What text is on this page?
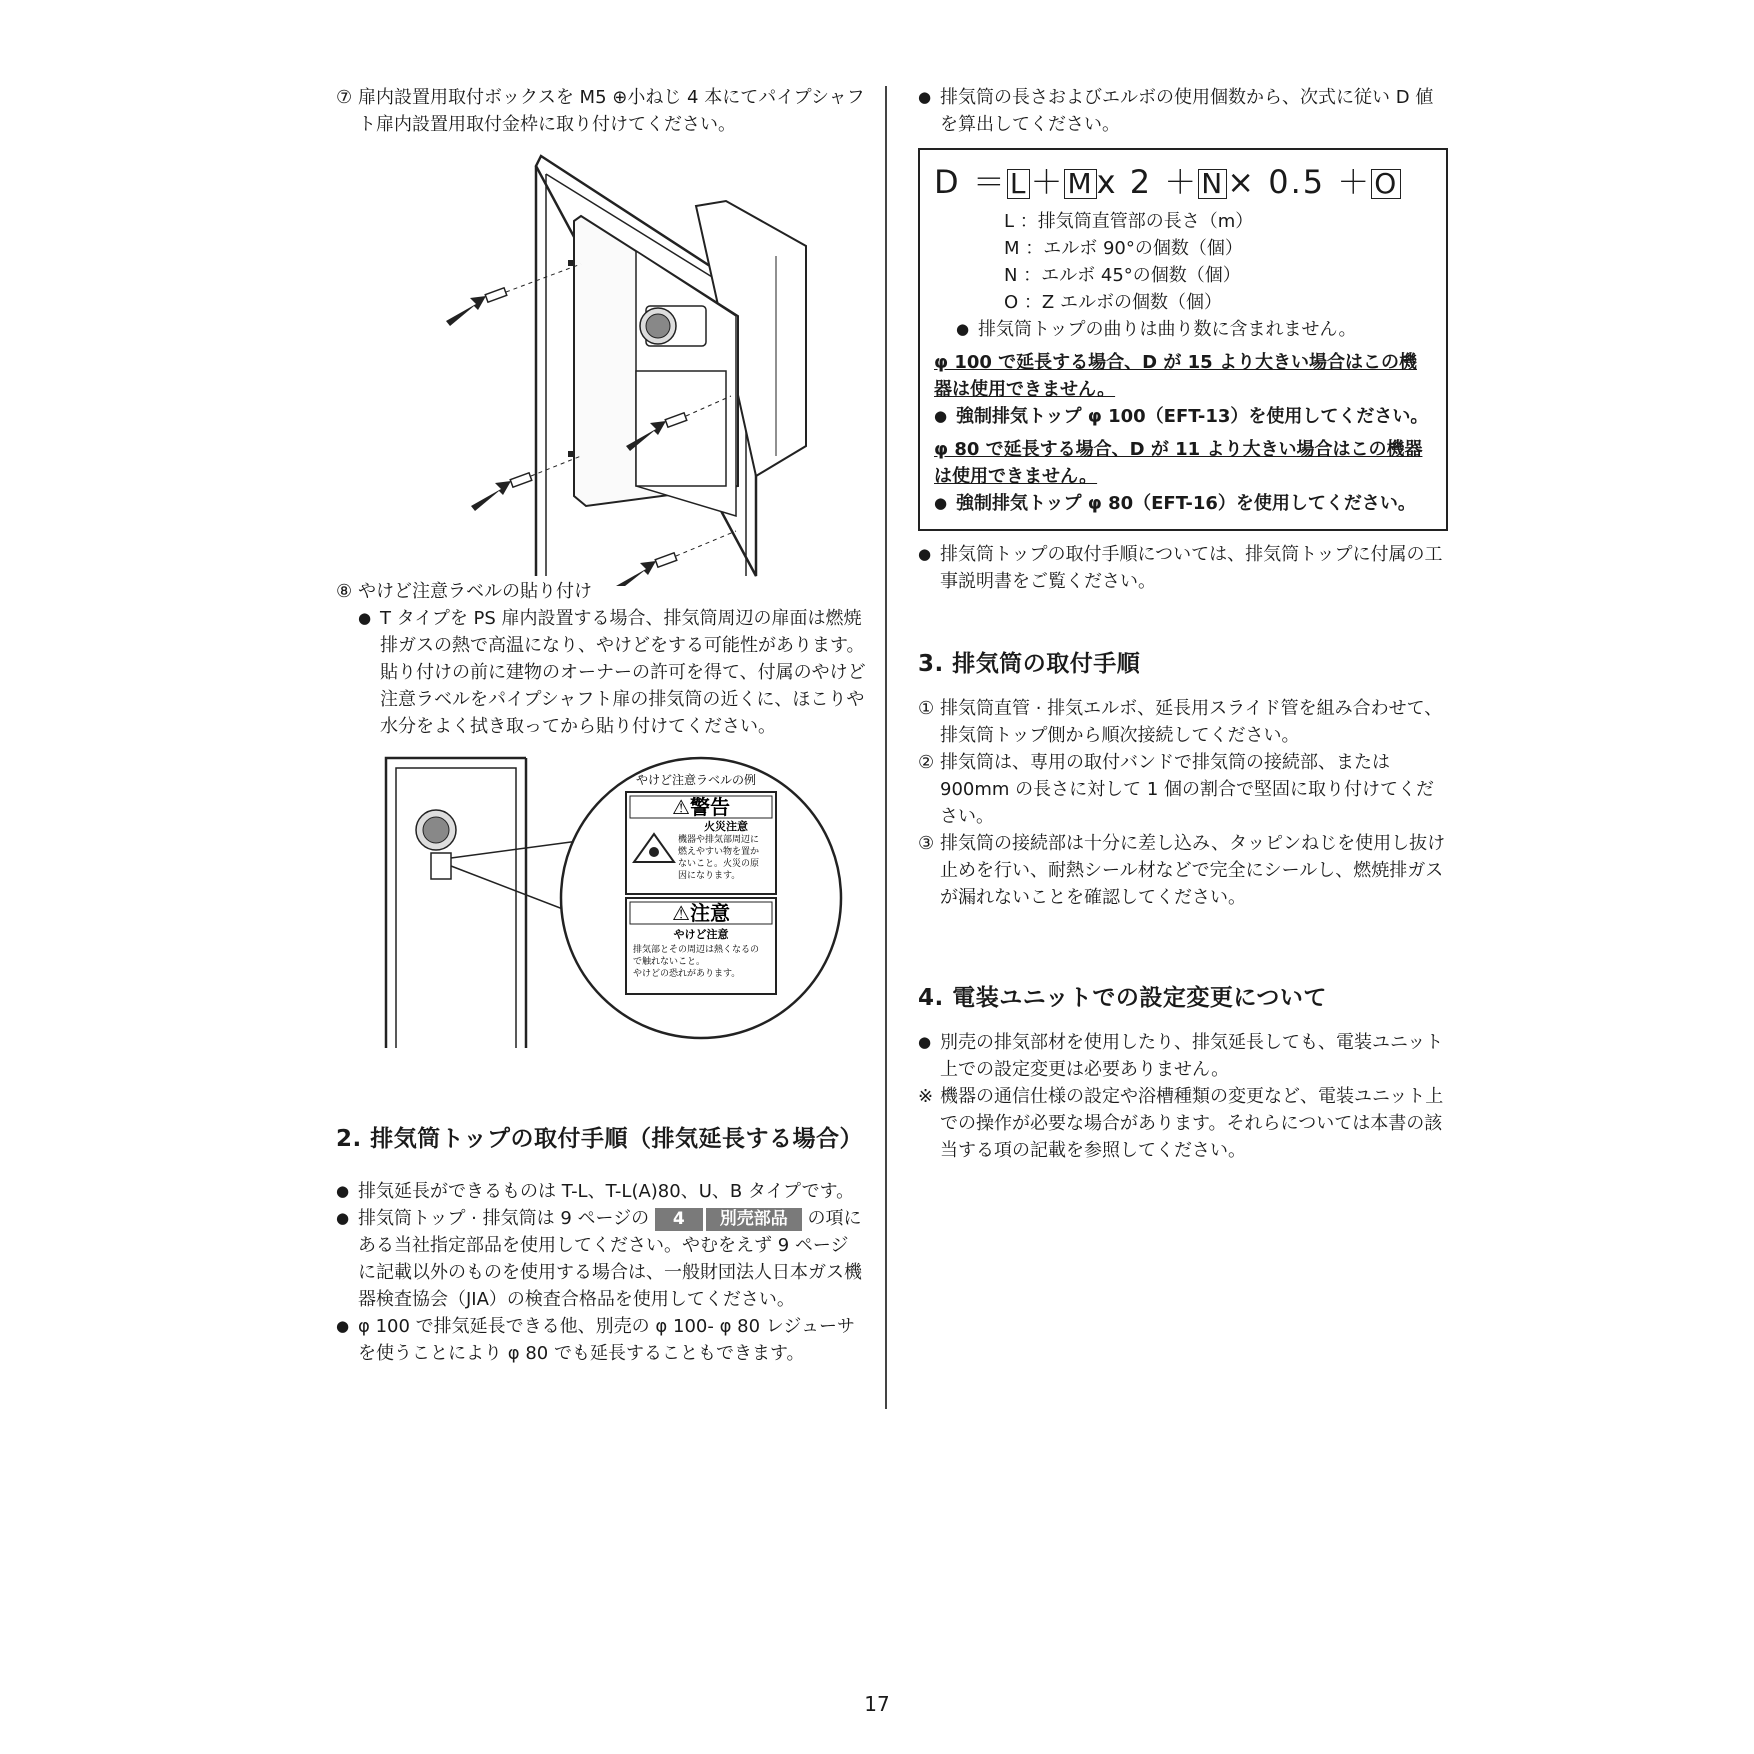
⑦ 扉内設置用取付ボックスを M5 ⊕小ねじ 4 本にてパイプシャフト扉内設置用取付金枠に取り付けてください。
⑧ やけど注意ラベルの貼り付け
● T タイプを PS 扉内設置する場合、排気筒周辺の扉面は燃焼排ガスの熱で高温になり、やけどをする可能性があります。貼り付けの前に建物のオーナーの許可を得て、付属のやけど注意ラベルをパイプシャフト扉の排気筒の近くに、ほこりや水分をよく拭き取ってから貼り付けてください。
やけど注意ラベルの例
⚠警告
火災注意
機器や排気部周辺に
燃えやすい物を置か
ないこと。火災の原
因になります。
⚠注意
やけど注意
排気部とその周辺は熱くなるの
で触れないこと。
やけどの恐れがあります。
2. 排気筒トップの取付手順（排気延長する場合）
● 排気延長ができるものは T-L、T-L(A)80、U、B タイプです。
● 排気筒トップ · 排気筒は 9 ページの 4 別売部品 の項にある当社指定部品を使用してください。やむをえず 9 ページに記載以外のものを使用する場合は、一般財団法人日本ガス機器検査協会（JIA）の検査合格品を使用してください。
● φ 100 で排気延長できる他、別売の φ 100- φ 80 レジューサを使うことにより φ 80 でも延長することもできます。
● 排気筒の長さおよびエルボの使用個数から、次式に従い D 値を算出してください。
D ＝ L＋ Mx 2 ＋ N× 0.5 ＋ O

L ：排気筒直管部の長さ（m）

M ：エルボ 90°の個数（個）

N ：エルボ 45°の個数（個）

O ：Z エルボの個数（個）

● 排気筒トップの曲りは曲り数に含まれません。
φ 100 で延長する場合、D が 15 より大きい場合はこの機器は使用できません。
● 強制排気トップ φ 100（EFT-13）を使用してください。
φ 80 で延長する場合、D が 11 より大きい場合はこの機器は使用できません。
● 強制排気トップ φ 80（EFT-16）を使用してください。
● 排気筒トップの取付手順については、排気筒トップに付属の工事説明書をご覧ください。
3. 排気筒の取付手順
① 排気筒直管 · 排気エルボ、延長用スライド管を組み合わせて、排気筒トップ側から順次接続してください。
② 排気筒は、専用の取付バンドで排気筒の接続部、または 900mm の長さに対して 1 個の割合で堅固に取り付けてください。
③ 排気筒の接続部は十分に差し込み、タッピンねじを使用し抜け止めを行い、耐熱シール材などで完全にシールし、燃焼排ガスが漏れないことを確認してください。
4. 電装ユニットでの設定変更について
● 別売の排気部材を使用したり、排気延長しても、電装ユニット上での設定変更は必要ありません。
※ 機器の通信仕様の設定や浴槽種類の変更など、電装ユニット上での操作が必要な場合があります。それらについては本書の該当する項の記載を参照してください。
17
